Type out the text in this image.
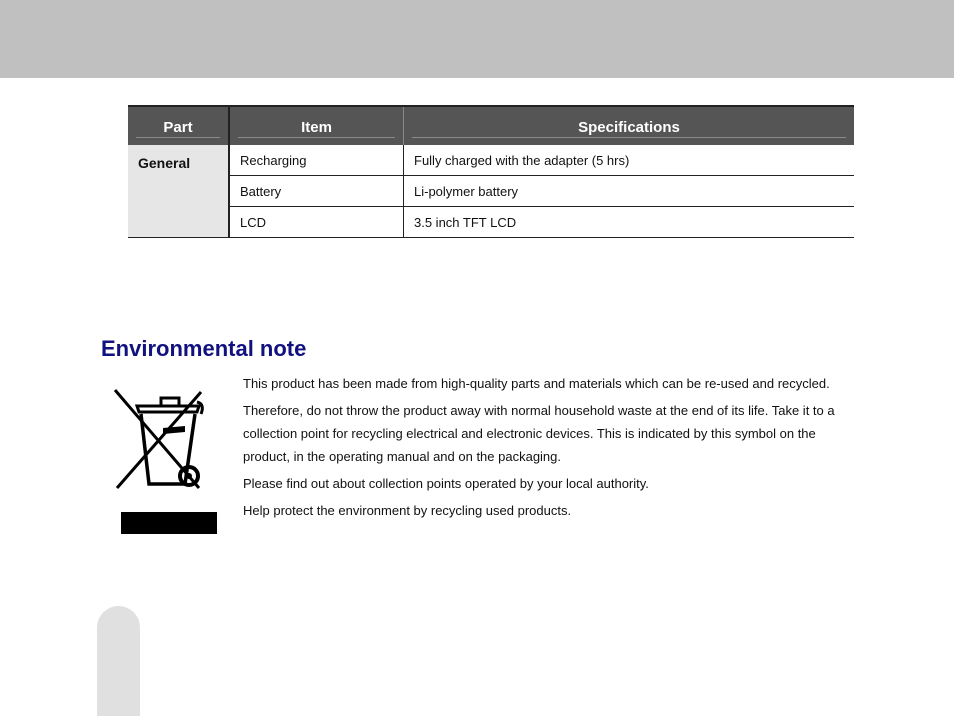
Part	Item	Specifications

General	Recharging	Fully charged with the adapter (5 hrs)
	Battery	Li-polymer battery
	LCD	3.5 inch TFT LCD
Environmental note

This product has been made from high-quality parts and materials which can be re-used and recycled.

Therefore, do not throw the product away with normal household waste at the end of its life. Take it to a collection point for recycling electrical and electronic devices. This is indicated by this symbol on the product, in the operating manual and on the packaging.

Please find out about collection points operated by your local authority.

Help protect the environment by recycling used products.
